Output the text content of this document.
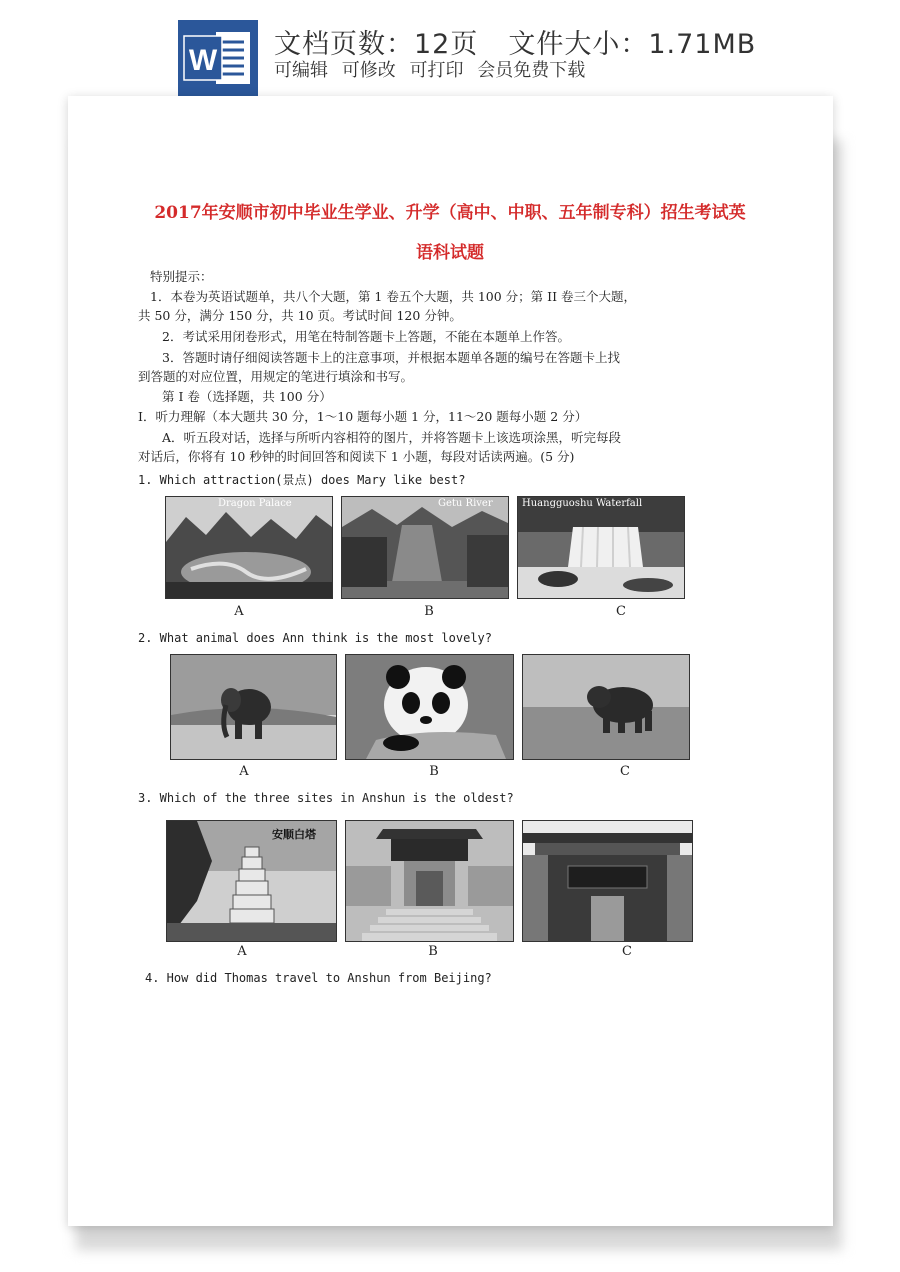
W 文档页数：12页 文件大小：1.71MB
可编辑 可修改 可打印 会员免费下载
2017年安顺市初中毕业生学业、升学（高中、中职、五年制专科）招生考试英
语科试题
特别提示：
1．本卷为英语试题单，共八个大题，第 1 卷五个大题，共 100 分；第 II 卷三个大题，
共 50 分，满分 150 分，共 10 页。考试时间 120 分钟。
2．考试采用闭卷形式，用笔在特制答题卡上答题，不能在本题单上作答。
3．答题时请仔细阅读答题卡上的注意事项，并根据本题单各题的编号在答题卡上找
到答题的对应位置，用规定的笔进行填涂和书写。
第 I 卷（选择题，共 100 分）
I．听力理解（本大题共 30 分，1～10 题每小题 1 分，11～20 题每小题 2 分）
A．听五段对话，选择与所听内容相符的图片，并将答题卡上该选项涂黑，听完每段
对话后，你将有 10 秒钟的时间回答和阅读下 1 小题，每段对话读两遍。(5 分)
1. Which attraction(景点) does Mary like best?
Dragon Palace	Getu River	Huangguoshu Waterfall
A	B	C
2. What animal does Ann think is the most lovely?
A	B	C
3. Which of the three sites in Anshun is the oldest?
安顺白塔
A	B	C
4. How did Thomas travel to Anshun from Beijing?
